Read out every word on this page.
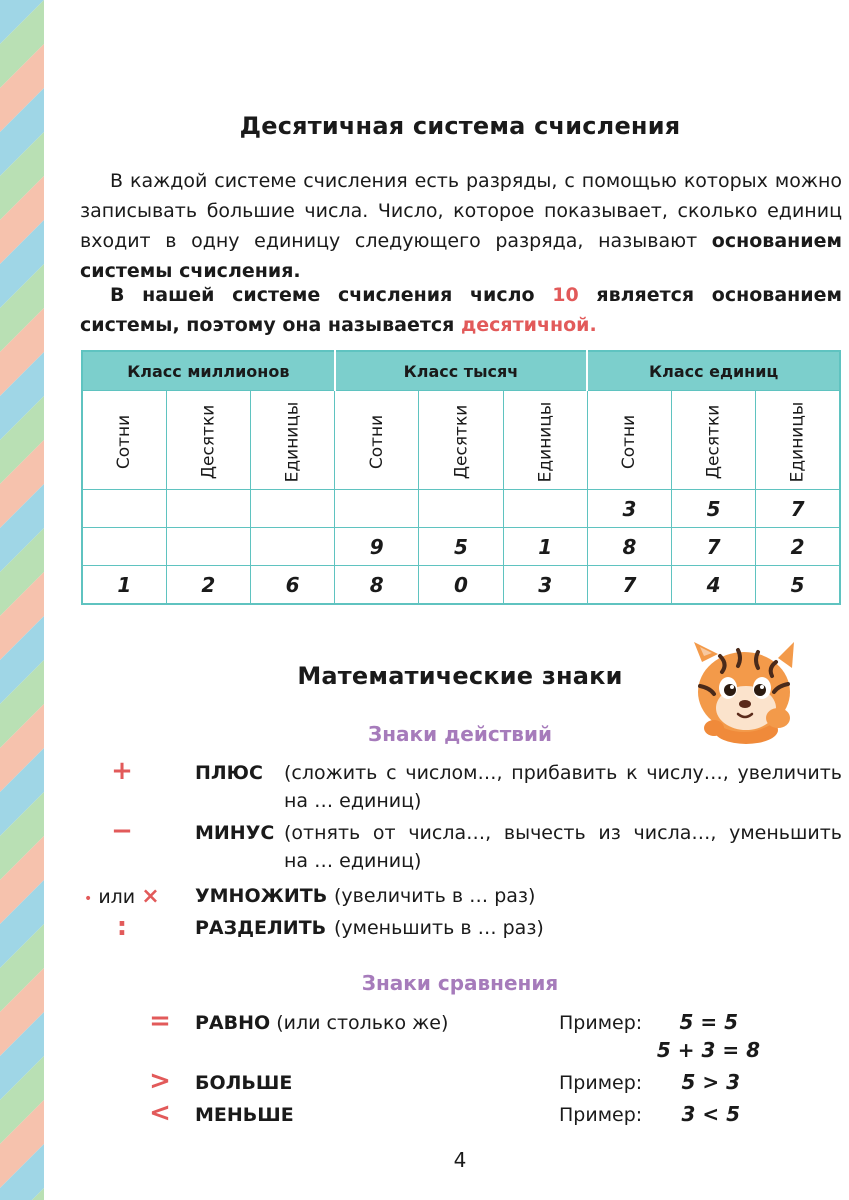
Десятичная система счисления
В каждой системе счисления есть разряды, с помощью которых можно записывать большие числа. Число, которое показывает, сколько единиц входит в одну единицу следующего разряда, называют основанием системы счисления.
В нашей системе счисления число 10 является основанием системы, поэтому она называется десятичной.
Класс миллионов			Класс тысяч			Класс единиц		
Сотни	Десятки	Единицы	Сотни	Десятки	Единицы	Сотни	Десятки	Единицы
						3	5	7
			9	5	1	8	7	2
1	2	6	8	0	3	7	4	5
Математические знаки
Знаки действий
+	ПЛЮС (сложить с числом…, прибавить к числу…, увеличить
на … единиц)
−	МИНУС (отнять от числа…, вычесть из числа…, уменьшить
на … единиц)
• или × УМНОЖИТЬ (увеличить в … раз)
:	РАЗДЕЛИТЬ (уменьшить в … раз)
Знаки сравнения
=	РАВНО (или столько же)	Пример:	5 = 5
5 + 3 = 8
>	БОЛЬШЕ	Пример:	5 > 3
<	МЕНЬШЕ	Пример:	3 < 5
4
